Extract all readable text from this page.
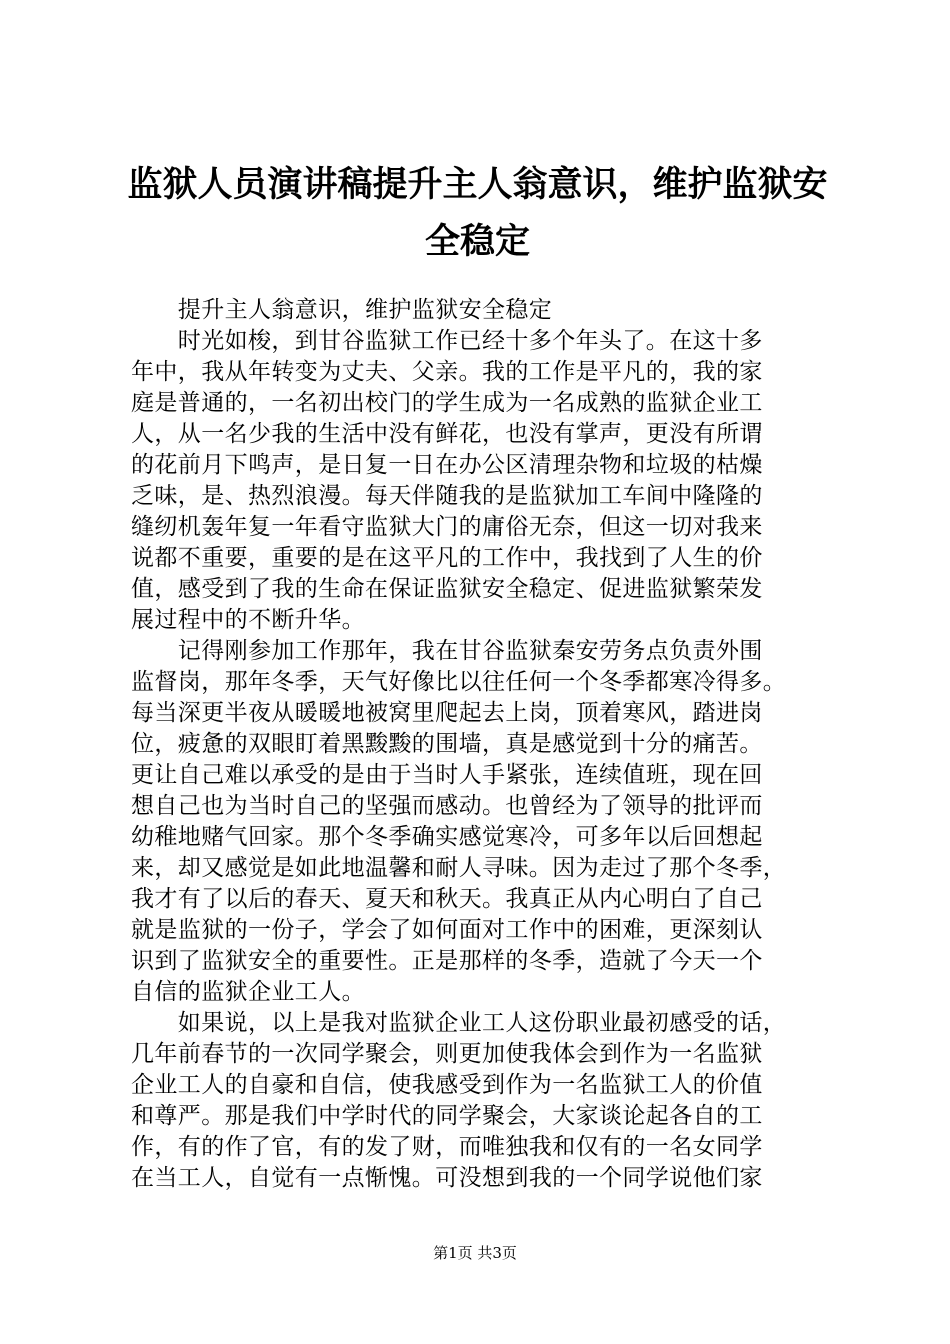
监狱人员演讲稿提升主人翁意识，维护监狱安
全稳定

　　提升主人翁意识，维护监狱安全稳定

　　时光如梭，到甘谷监狱工作已经十多个年头了。在这十多
年中，我从年转变为丈夫、父亲。我的工作是平凡的，我的家
庭是普通的，一名初出校门的学生成为一名成熟的监狱企业工
人，从一名少我的生活中没有鲜花，也没有掌声，更没有所谓
的花前月下鸣声，是日复一日在办公区清理杂物和垃圾的枯燥
乏味，是、热烈浪漫。每天伴随我的是监狱加工车间中隆隆的
缝纫机轰年复一年看守监狱大门的庸俗无奈，但这一切对我来
说都不重要，重要的是在这平凡的工作中，我找到了人生的价
值，感受到了我的生命在保证监狱安全稳定、促进监狱繁荣发
展过程中的不断升华。

　　记得刚参加工作那年，我在甘谷监狱秦安劳务点负责外围
监督岗，那年冬季，天气好像比以往任何一个冬季都寒冷得多。
每当深更半夜从暖暖地被窝里爬起去上岗，顶着寒风，踏进岗
位，疲惫的双眼盯着黑黢黢的围墙，真是感觉到十分的痛苦。
更让自己难以承受的是由于当时人手紧张，连续值班，现在回
想自己也为当时自己的坚强而感动。也曾经为了领导的批评而
幼稚地赌气回家。那个冬季确实感觉寒冷，可多年以后回想起
来，却又感觉是如此地温馨和耐人寻味。因为走过了那个冬季，
我才有了以后的春天、夏天和秋天。我真正从内心明白了自己
就是监狱的一份子，学会了如何面对工作中的困难，更深刻认
识到了监狱安全的重要性。正是那样的冬季，造就了今天一个
自信的监狱企业工人。

　　如果说，以上是我对监狱企业工人这份职业最初感受的话，
几年前春节的一次同学聚会，则更加使我体会到作为一名监狱
企业工人的自豪和自信，使我感受到作为一名监狱工人的价值
和尊严。那是我们中学时代的同学聚会，大家谈论起各自的工
作，有的作了官，有的发了财，而唯独我和仅有的一名女同学
在当工人，自觉有一点惭愧。可没想到我的一个同学说他们家

第1页 共3页
